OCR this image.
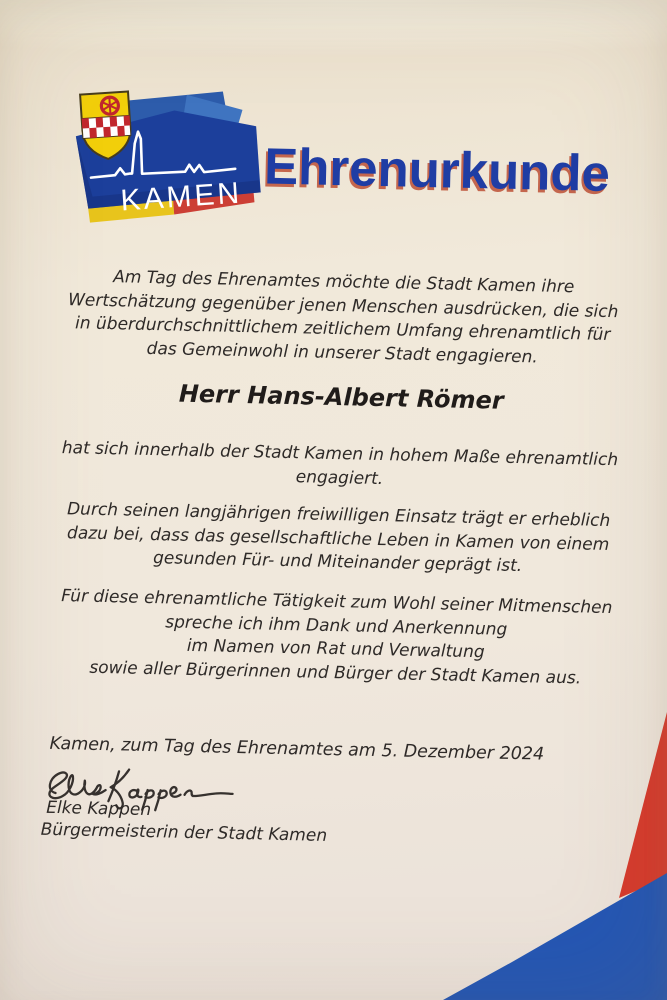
KAMEN Ehrenurkunde
Am Tag des Ehrenamtes möchte die Stadt Kamen ihre
Wertschätzung gegenüber jenen Menschen ausdrücken, die sich
in überdurchschnittlichem zeitlichem Umfang ehrenamtlich für
das Gemeinwohl in unserer Stadt engagieren.
Herr Hans-Albert Römer
hat sich innerhalb der Stadt Kamen in hohem Maße ehrenamtlich
engagiert.
Durch seinen langjährigen freiwilligen Einsatz trägt er erheblich
dazu bei, dass das gesellschaftliche Leben in Kamen von einem
gesunden Für- und Miteinander geprägt ist.
Für diese ehrenamtliche Tätigkeit zum Wohl seiner Mitmenschen
spreche ich ihm Dank und Anerkennung
im Namen von Rat und Verwaltung
sowie aller Bürgerinnen und Bürger der Stadt Kamen aus.
Kamen, zum Tag des Ehrenamtes am 5. Dezember 2024
Elke Kappen
Bürgermeisterin der Stadt Kamen
